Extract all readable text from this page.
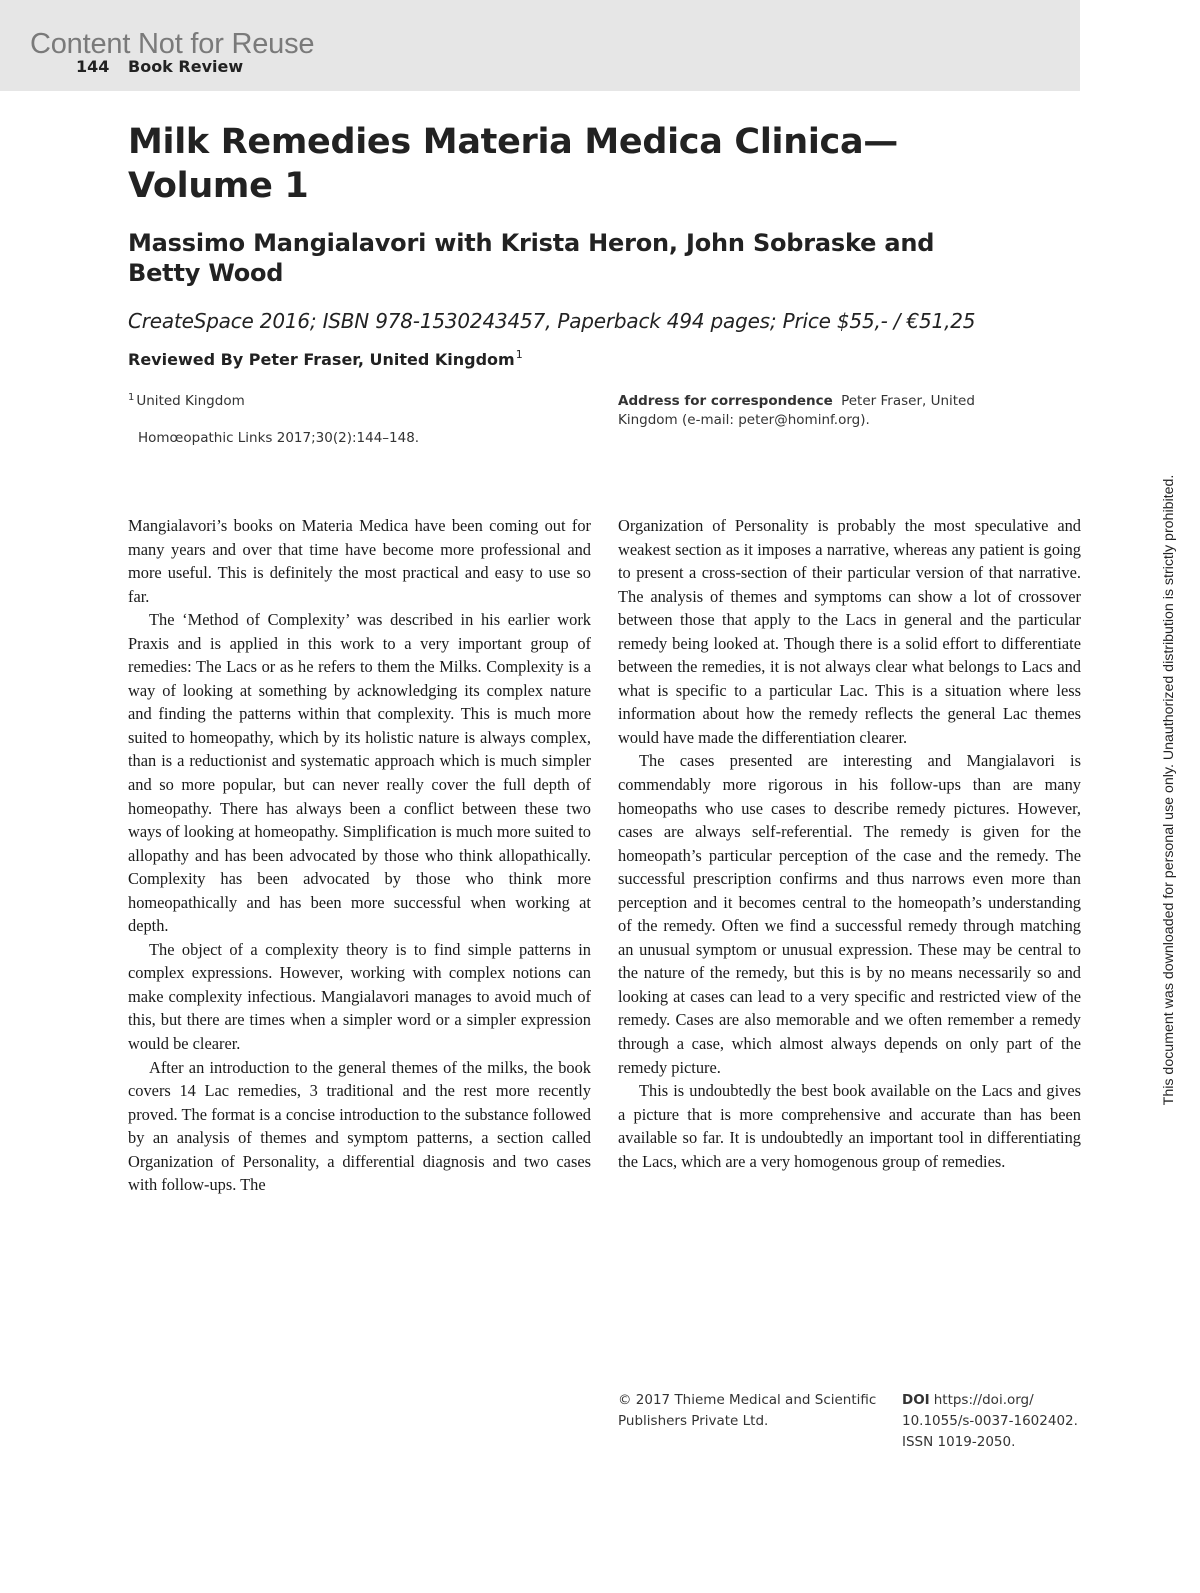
Content Not for Reuse
144 Book Review
Milk Remedies Materia Medica Clinica—
Volume 1
Massimo Mangialavori with Krista Heron, John Sobraske and
Betty Wood
CreateSpace 2016; ISBN 978-1530243457, Paperback 494 pages; Price $55,- / €51,25
Reviewed By Peter Fraser, United Kingdom$^1$
$^1$ United Kingdom
Homœopathic Links 2017;30(2):144–148.
Address for correspondence Peter Fraser, United Kingdom (e-mail: peter@hominf.org).

Mangialavori’s books on Materia Medica have been coming out for many years and over that time have become more professional and more useful. This is definitely the most practical and easy to use so far.

The ‘Method of Complexity’ was described in his earlier work Praxis and is applied in this work to a very important group of remedies: The Lacs or as he refers to them the Milks. Complexity is a way of looking at something by acknowledging its complex nature and finding the patterns within that complexity. This is much more suited to homeopathy, which by its holistic nature is always complex, than is a reductionist and systematic approach which is much simpler and so more popular, but can never really cover the full depth of homeopathy. There has always been a conflict between these two ways of looking at homeopathy. Simplification is much more suited to allopathy and has been advocated by those who think allopathically. Complexity has been advocated by those who think more homeopathically and has been more successful when working at depth.

The object of a complexity theory is to find simple patterns in complex expressions. However, working with complex notions can make complexity infectious. Mangialavori manages to avoid much of this, but there are times when a simpler word or a simpler expression would be clearer.

After an introduction to the general themes of the milks, the book covers 14 Lac remedies, 3 traditional and the rest more recently proved. The format is a concise introduction to the substance followed by an analysis of themes and symptom patterns, a section called Organization of Personality, a differential diagnosis and two cases with follow-ups. The

Organization of Personality is probably the most speculative and weakest section as it imposes a narrative, whereas any patient is going to present a cross-section of their particular version of that narrative. The analysis of themes and symptoms can show a lot of crossover between those that apply to the Lacs in general and the particular remedy being looked at. Though there is a solid effort to differentiate between the remedies, it is not always clear what belongs to Lacs and what is specific to a particular Lac. This is a situation where less information about how the remedy reflects the general Lac themes would have made the differentiation clearer.

The cases presented are interesting and Mangialavori is commendably more rigorous in his follow-ups than are many homeopaths who use cases to describe remedy pictures. However, cases are always self-referential. The remedy is given for the homeopath’s particular perception of the case and the remedy. The successful prescription confirms and thus narrows even more than perception and it becomes central to the homeopath’s understanding of the remedy. Often we find a successful remedy through matching an unusual symptom or unusual expression. These may be central to the nature of the remedy, but this is by no means necessarily so and looking at cases can lead to a very specific and restricted view of the remedy. Cases are also memorable and we often remember a remedy through a case, which almost always depends on only part of the remedy picture.

This is undoubtedly the best book available on the Lacs and gives a picture that is more comprehensive and accurate than has been available so far. It is undoubtedly an important tool in differentiating the Lacs, which are a very homogenous group of remedies.

This document was downloaded for personal use only. Unauthorized distribution is strictly prohibited.
© 2017 Thieme Medical and Scientific
Publishers Private Ltd.
DOI https://doi.org/
10.1055/s-0037-1602402.
ISSN 1019-2050.
